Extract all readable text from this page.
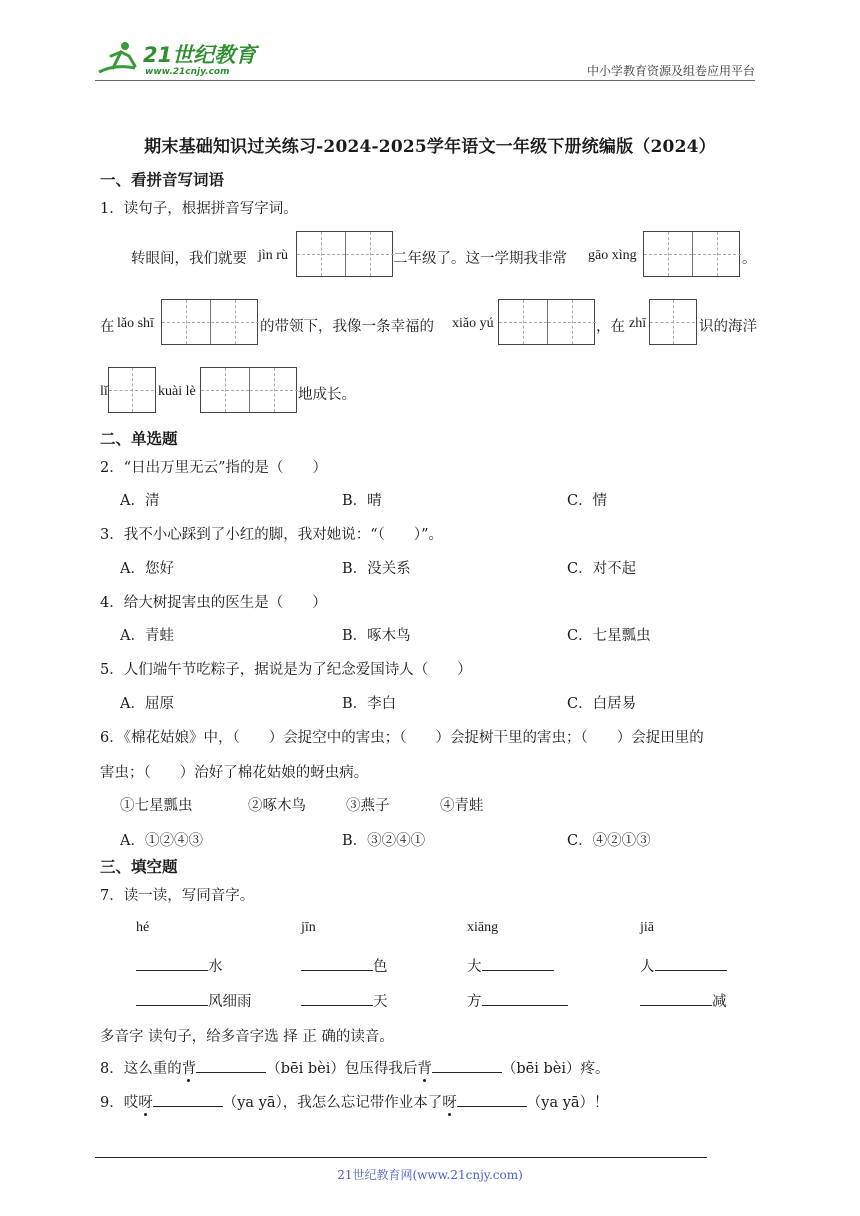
21世纪教育
www.21cnjy.com	中小学教育资源及组卷应用平台
期末基础知识过关练习-2024-2025学年语文一年级下册统编版（2024）
一、看拼音写词语
1．读句子，根据拼音写字词。
转眼间，我们就要 jìn rù	二年级了。这一学期我非常 gāo xìng	。
在 lǎo shī	的带领下，我像一条幸福的 xiǎo yú	，在 zhī	识的海洋
lǐ	kuài lè	地成长。
二、单选题
2．“日出万里无云”指的是（　　）
A．清	B．晴	C．情
3．我不小心踩到了小红的脚，我对她说：“（　　）”。
A．您好	B．没关系	C．对不起
4．给大树捉害虫的医生是（　　）
A．青蛙	B．啄木鸟	C．七星瓢虫
5．人们端午节吃粽子，据说是为了纪念爱国诗人（　　）
A．屈原	B．李白	C．白居易
6．《棉花姑娘》中，（　　）会捉空中的害虫；（　　）会捉树干里的害虫；（　　）会捉田里的
害虫；（　　）治好了棉花姑娘的蚜虫病。
①七星瓢虫	②啄木鸟	③燕子	④青蛙
A．①②④③	B．③②④①	C．④②①③
三、填空题
7．读一读，写同音字。
hé	jīn	xiāng	jiā
水	色	大	人
风细雨	天	方	减
多音字 读句子，给多音字选 择 正 确的读音。
8．这么重的背	（bēi bèi）包压得我后背	（bēi bèi）疼。
9．哎呀	（ya yā），我怎么忘记带作业本了呀	（ya yā）！
21世纪教育网(www.21cnjy.com)
